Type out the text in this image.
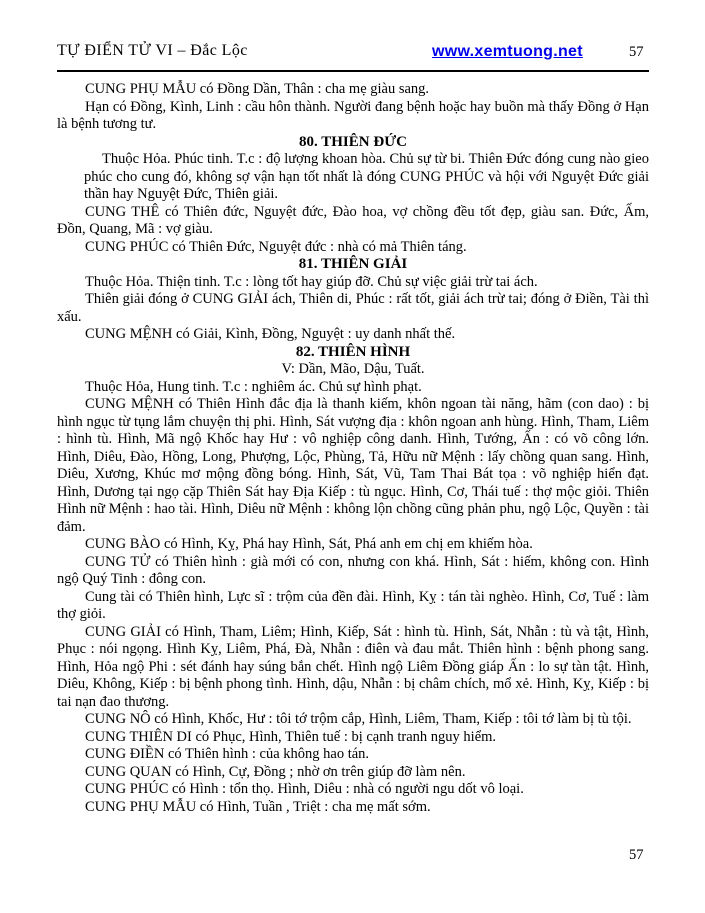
TỰ ĐIỂN TỬ VI – Đắc Lộc	www.xemtuong.net	57

CUNG PHỤ MẪU có Đồng Dần, Thân : cha mẹ giàu sang.

Hạn có Đồng, Kình, Linh : cầu hôn thành. Người đang bệnh hoặc hay buồn mà thấy Đồng ở Hạn là bệnh tương tư.

80. THIÊN ĐỨC

Thuộc Hỏa. Phúc tinh. T.c : độ lượng khoan hòa. Chủ sự từ bi. Thiên Đức đóng cung nào gieo phúc cho cung đó, không sợ vận hạn tốt nhất là đóng CUNG PHÚC và hội với Nguyệt Đức giải thần hay Nguyệt Đức, Thiên giải.

CUNG THÊ có Thiên đức, Nguyệt đức, Đào hoa, vợ chồng đều tốt đẹp, giàu san. Đức, Ấm, Đồn, Quang, Mã : vợ giàu.

CUNG PHÚC có Thiên Đức, Nguyệt đức : nhà có mả Thiên táng.

81. THIÊN GIẢI

Thuộc Hỏa. Thiện tinh. T.c : lòng tốt hay giúp đỡ. Chủ sự việc giải trừ tai ách.

Thiên giải đóng ở CUNG GIẢI ách, Thiên di, Phúc : rất tốt, giải ách trừ tai; đóng ở Điền, Tài thì xấu.

CUNG MỆNH có Giải, Kình, Đồng, Nguyệt : uy danh nhất thế.

82. THIÊN HÌNH
V: Dần, Mão, Dậu, Tuất.

Thuộc Hỏa, Hung tinh. T.c : nghiêm ác. Chủ sự hình phạt.

CUNG MỆNH có Thiên Hình đắc địa là thanh kiếm, khôn ngoan tài năng, hãm (con dao) : bị hình ngục từ tụng lắm chuyện thị phi. Hình, Sát vượng địa : khôn ngoan anh hùng. Hình, Tham, Liêm : hình tù. Hình, Mã ngộ Khốc hay Hư : vô nghiệp công danh. Hình, Tướng, Ấn : có võ công lớn. Hình, Diêu, Đào, Hồng, Long, Phượng, Lộc, Phùng, Tả, Hữu nữ Mệnh : lấy chồng quan sang. Hình, Diêu, Xương, Khúc mơ mộng đồng bóng. Hình, Sát, Vũ, Tam Thai Bát tọa : võ nghiệp hiển đạt. Hình, Dương tại ngọ cặp Thiên Sát hay Địa Kiếp : tù ngục. Hình, Cơ, Thái tuế : thợ mộc giỏi. Thiên Hình nữ Mệnh : hao tài. Hình, Diêu nữ Mệnh : không lộn chồng cũng phản phu, ngộ Lộc, Quyền : tài đảm.

CUNG BÀO có Hình, Kỵ, Phá hay Hình, Sát, Phá anh em chị em khiếm hòa.

CUNG TỬ có Thiên hình : già mới có con, nhưng con khá. Hình, Sát : hiếm, không con. Hình ngộ Quý Tinh : đông con.

Cung tài có Thiên hình, Lực sĩ : trộm của đền đài. Hình, Kỵ : tán tài nghèo. Hình, Cơ, Tuế : làm thợ giỏi.

CUNG GIẢI có Hình, Tham, Liêm; Hình, Kiếp, Sát : hình tù. Hình, Sát, Nhẫn : tù và tật, Hình, Phục : nói ngọng. Hình Kỵ, Liêm, Phá, Đà, Nhẫn : điên và đau mắt. Thiên hình : bệnh phong sang. Hình, Hỏa ngộ Phi : sét đánh hay súng bắn chết. Hình ngộ Liêm Đồng giáp Ấn : lo sự tàn tật. Hình, Diêu, Không, Kiếp : bị bệnh phong tình. Hình, dậu, Nhẫn : bị châm chích, mổ xẻ. Hình, Kỵ, Kiếp : bị tai nạn đao thương.

CUNG NÔ có Hình, Khốc, Hư : tôi tớ trộm cắp, Hình, Liêm, Tham, Kiếp : tôi tớ làm bị tù tội.

CUNG THIÊN DI có Phục, Hình, Thiên tuế : bị cạnh tranh nguy hiểm.

CUNG ĐIỀN có Thiên hình : của không hao tán.

CUNG QUAN có Hình, Cự, Đồng ; nhờ ơn trên giúp đỡ làm nên.

CUNG PHÚC có Hình : tổn thọ. Hình, Diêu : nhà có người ngu dốt vô loại.

CUNG PHỤ MẪU có Hình, Tuần , Triệt : cha mẹ mất sớm.

57
